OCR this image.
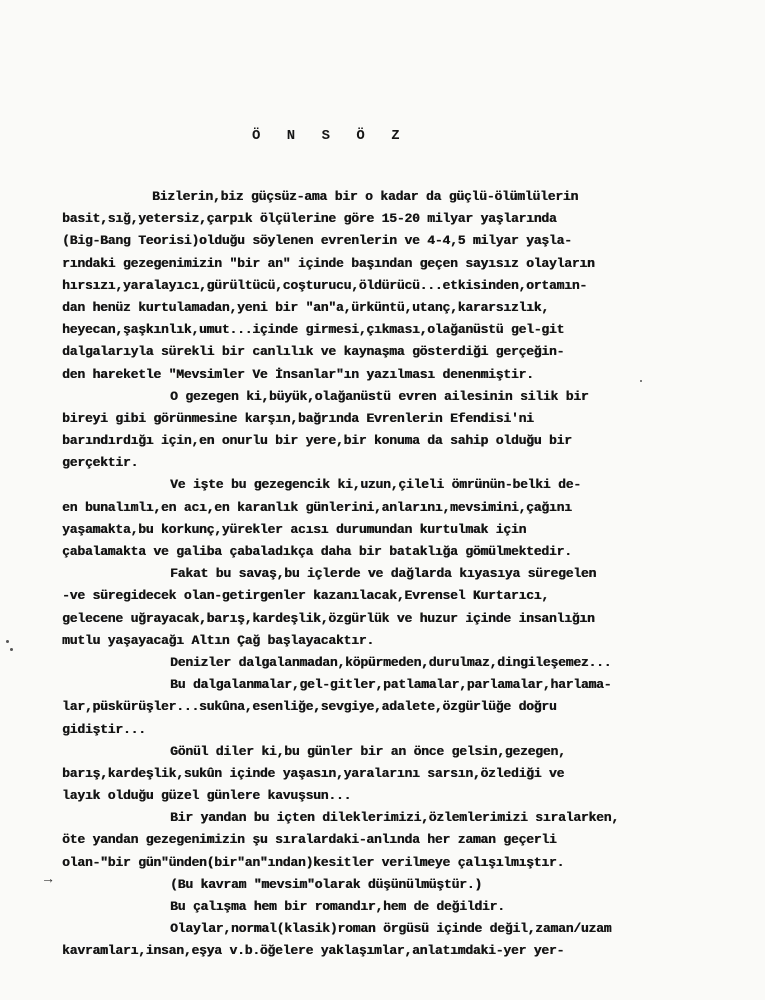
Ö N S Ö Z
Bizlerin,biz güçsüz-ama bir o kadar da güçlü-ölümlülerin
basit,sığ,yetersiz,çarpık ölçülerine göre 15-20 milyar yaşlarında
(Big-Bang Teorisi)olduğu söylenen evrenlerin ve 4-4,5 milyar yaşla-
rındaki gezegenimizin "bir an" içinde başından geçen sayısız olayların
hırsızı,yaralayıcı,gürültücü,coşturucu,öldürücü...etkisinden,ortamın-
dan henüz kurtulamadan,yeni bir "an"a,ürküntü,utanç,kararsızlık,
heyecan,şaşkınlık,umut...içinde girmesi,çıkması,olağanüstü gel-git
dalgalarıyla sürekli bir canlılık ve kaynaşma gösterdiği gerçeğin-
den hareketle "Mevsimler Ve İnsanlar"ın yazılması denenmiştir.
O gezegen ki,büyük,olağanüstü evren ailesinin silik bir
bireyi gibi görünmesine karşın,bağrında Evrenlerin Efendisi'ni
barındırdığı için,en onurlu bir yere,bir konuma da sahip olduğu bir
gerçektir.
Ve işte bu gezegencik ki,uzun,çileli ömrünün-belki de-
en bunalımlı,en acı,en karanlık günlerini,anlarını,mevsimini,çağını
yaşamakta,bu korkunç,yürekler acısı durumundan kurtulmak için
çabalamakta ve galiba çabaladıkça daha bir bataklığa gömülmektedir.
Fakat bu savaş,bu içlerde ve dağlarda kıyasıya süregelen
-ve süregidecek olan-getirgenler kazanılacak,Evrensel Kurtarıcı,
gelecene uğrayacak,barış,kardeşlik,özgürlük ve huzur içinde insanlığın
mutlu yaşayacağı Altın Çağ başlayacaktır.
Denizler dalgalanmadan,köpürmeden,durulmaz,dingileşemez...
Bu dalgalanmalar,gel-gitler,patlamalar,parlamalar,harlama-
lar,püskürüşler...sukûna,esenliğe,sevgiye,adalete,özgürlüğe doğru
gidiştir...
Gönül diler ki,bu günler bir an önce gelsin,gezegen,
barış,kardeşlik,sukûn içinde yaşasın,yaralarını sarsın,özlediği ve
layık olduğu güzel günlere kavuşsun...
Bir yandan bu içten dileklerimizi,özlemlerimizi sıralarken,
öte yandan gezegenimizin şu sıralardaki-anlında her zaman geçerli
olan-"bir gün"ünden(bir"an"ından)kesitler verilmeye çalışılmıştır.
(Bu kavram "mevsim"olarak düşünülmüştür.)
Bu çalışma hem bir romandır,hem de değildir.
Olaylar,normal(klasik)roman örgüsü içinde değil,zaman/uzam
kavramları,insan,eşya v.b.öğelere yaklaşımlar,anlatımdaki-yer yer-
→
